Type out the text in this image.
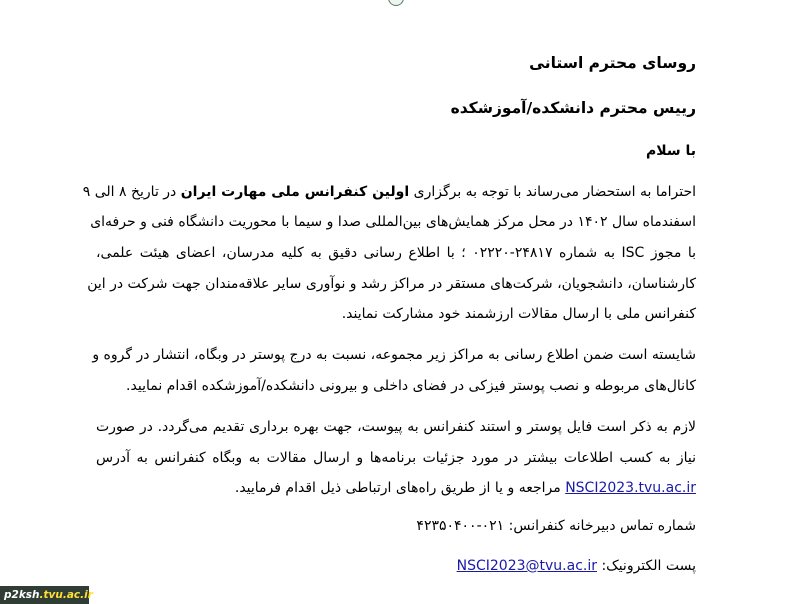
روسای محترم استانی
رییس محترم دانشکده/آموزشکده
با سلام
احتراما به استحضار می‌رساند با توجه به برگزاری اولین کنفرانس ملی مهارت ایران در تاریخ ۸ الی ۹
اسفندماه سال ۱۴۰۲ در محل مرکز همایش‌های بین‌المللی صدا و سیما با محوریت دانشگاه فنی و حرفه‌ای
با مجوز ISC به شماره ۲۴۸۱۷-۰۲۲۲۰ ؛ با اطلاع رسانی دقیق به کلیه مدرسان، اعضای هیئت علمی،
کارشناسان، دانشجویان، شرکت‌های مستقر در مراکز رشد و نوآوری سایر علاقه‌مندان جهت شرکت در این
کنفرانس ملی با ارسال مقالات ارزشمند خود مشارکت نمایند.
شایسته است ضمن اطلاع رسانی به مراکز زیر مجموعه، نسبت به درج پوستر در وبگاه، انتشار در گروه و
کانال‌های مربوطه و نصب پوستر فیزکی در فضای داخلی و بیرونی دانشکده/آموزشکده اقدام نمایید.
لازم به ذکر است فایل پوستر و استند کنفرانس به پیوست، جهت بهره برداری تقدیم می‌گردد. در صورت
نیاز به کسب اطلاعات بیشتر در مورد جزئیات برنامه‌ها و ارسال مقالات به وبگاه کنفرانس به آدرس
NSCI2023.tvu.ac.ir مراجعه و یا از طریق راه‌های ارتباطی ذیل اقدام فرمایید.
شماره تماس دبیرخانه کنفرانس: ۰۲۱-۴۲۳۵۰۴۰۰
پست الکترونیک: NSCI2023@tvu.ac.ir
p2ksh.tvu.ac.ir
